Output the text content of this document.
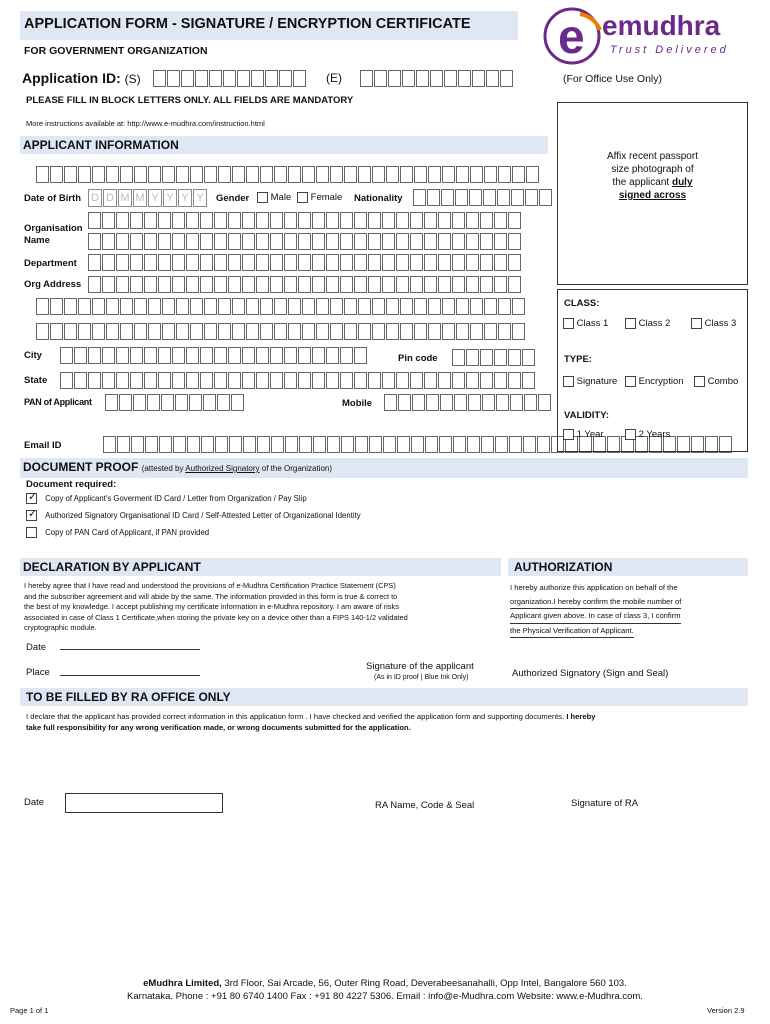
APPLICATION FORM - SIGNATURE / ENCRYPTION CERTIFICATE
FOR GOVERNMENT ORGANIZATION	e emudhra
Trust Delivered
Application ID: (S)	(E)	(For Office Use Only)
PLEASE FILL IN BLOCK LETTERS ONLY. ALL FIELDS ARE MANDATORY
More instructions available at: http://www.e-mudhra.com/instruction.html
APPLICANT INFORMATION
Date of Birth D D M M Y Y Y Y	Gender	Male	Female Nationality
Organisation
Name
Department
Org Address
City	Pin code
State
PAN of Applicant	Mobile
Email ID
Affix recent passport
size photograph of
the applicant duly
signed across
CLASS:
Class 1	Class 2	Class 3
TYPE:
Signature	Encryption	Combo
VALIDITY:
1 Year	2 Years
DOCUMENT PROOF (attested by Authorized Signatory of the Organization)
Document required:
✓ Copy of Applicant's Goverment ID Card / Letter from Organization / Pay Slip
✓ Authorized Signatory Organisational ID Card / Self-Attested Letter of Organizational Identity
Copy of PAN Card of Applicant, if PAN provided
DECLARATION BY APPLICANT
I hereby agree that I have read and understood the provisions of e-Mudhra Certification Practice Statement (CPS)
and the subscriber agreement and will abide by the same. The information provided in this form is true & correct to
the best of my knowledge. I accept publishing my certificate information in e-Mudhra repository. I am aware of risks
associated in case of Class 1 Certificate,when storing the private key on a device other than a FIPS 140-1/2 validated
cryptographic module.
Date
Place
Signature of the applicant
(As in ID proof | Blue Ink Only)
AUTHORIZATION
I hereby authorize this application on behalf of the
organization.I hereby confirm the mobile number of Applicant given above. In case of class 3, I confirm the Physical Verification of Applicant.
Authorized Signatory (Sign and Seal)
TO BE FILLED BY RA OFFICE ONLY
I declare that the applicant has provided correct information in this application form . I have checked and verified the application form and supporting documents. I hereby
take full responsibility for any wrong verification made, or wrong documents submitted for the application.
Date	RA Name, Code & Seal	Signature of RA
eMudhra Limited, 3rd Floor, Sai Arcade, 56, Outer Ring Road, Deverabeesanahalli, Opp Intel, Bangalore 560 103.
Karnataka. Phone : +91 80 6740 1400 Fax : +91 80 4227 5306. Email : info@e-Mudhra.com Website: www.e-Mudhra.com.
Page 1 of 1	Version 2.9
